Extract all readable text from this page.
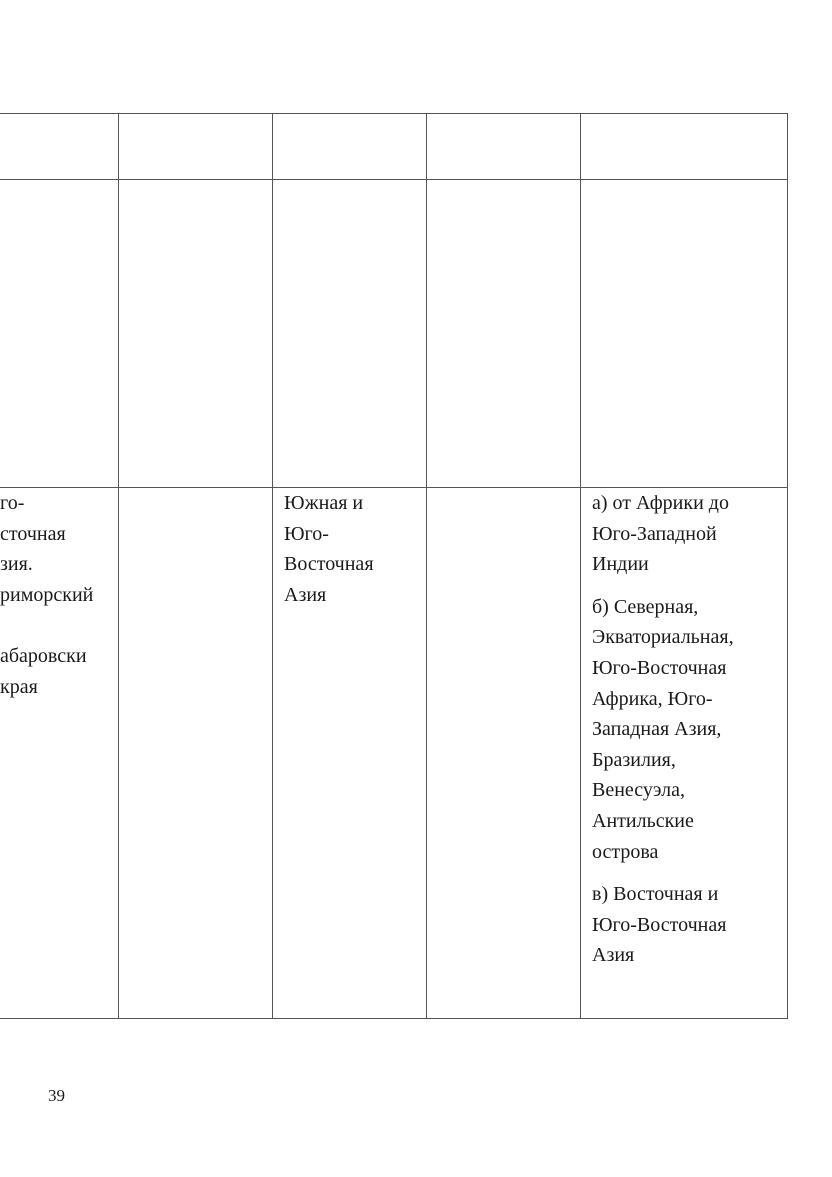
го-
сточная
зия.
риморский

абаровски
края

Южная и
Юго-
Восточная
Азия

а) от Африки до
Юго-Западной
Индии

б) Северная,
Экваториальная,
Юго-Восточная
Африка, Юго-
Западная Азия,
Бразилия,
Венесуэла,
Антильские
острова

в) Восточная и
Юго-Восточная
Азия

39
